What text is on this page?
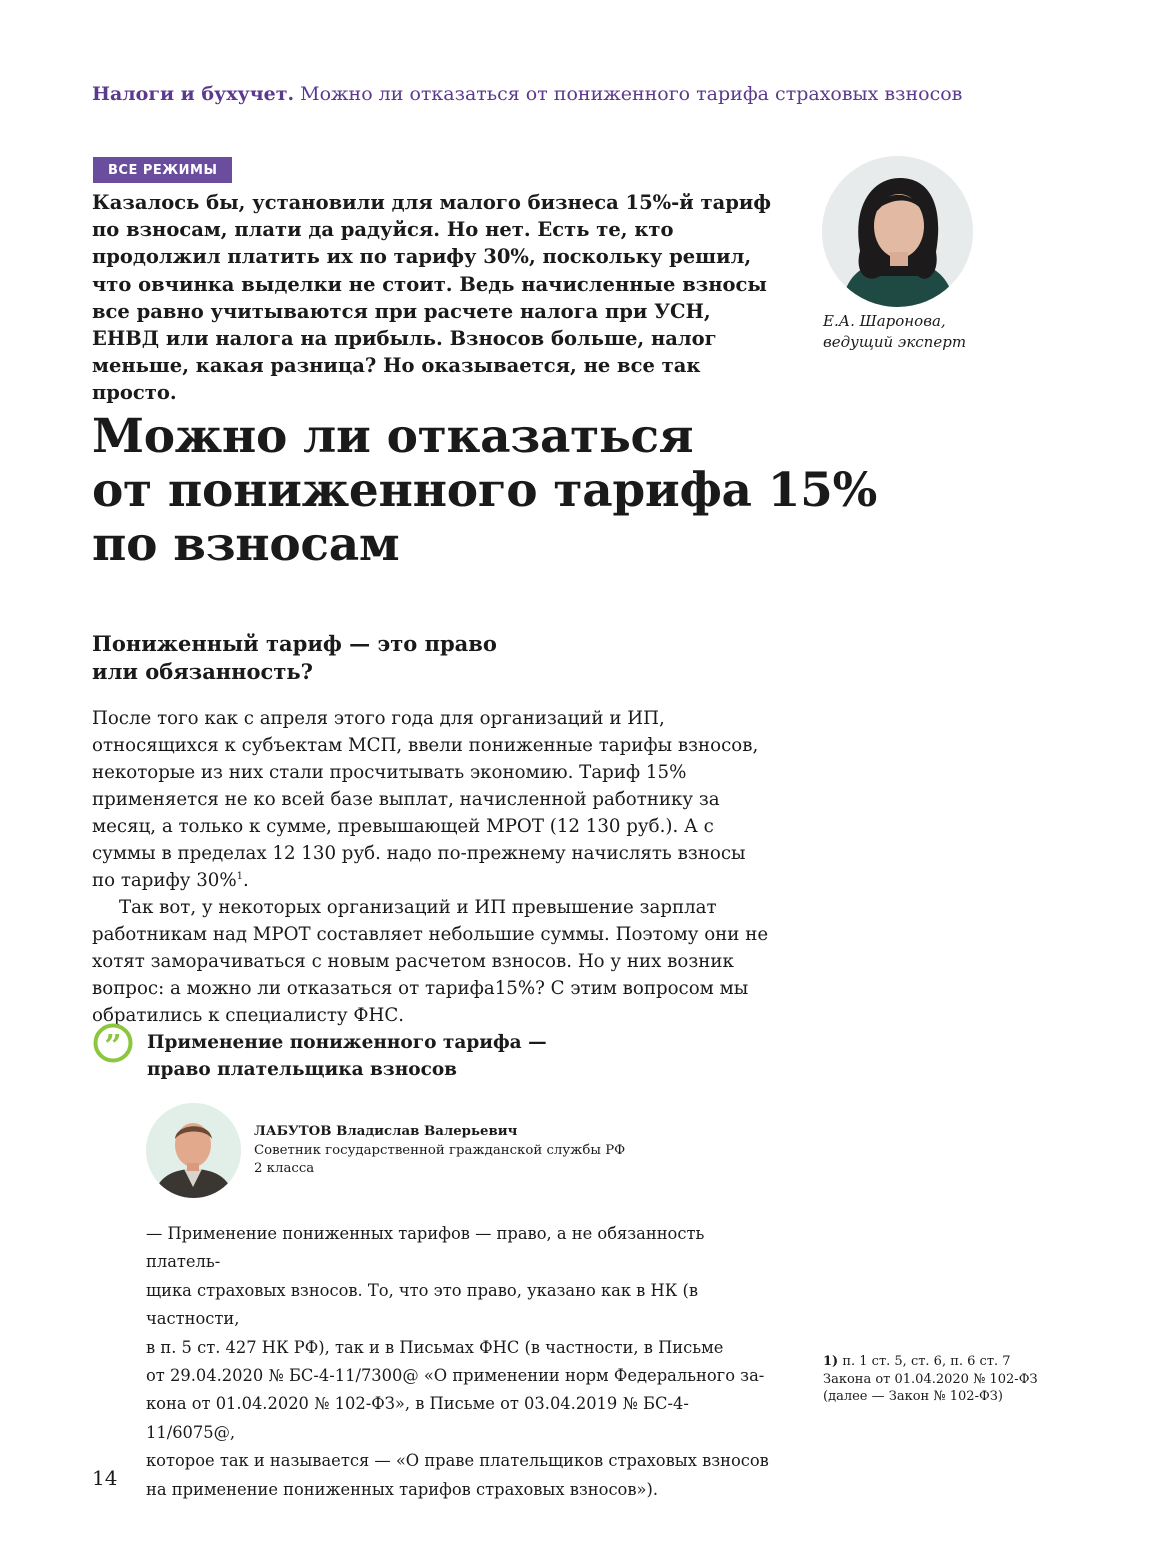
Налоги и бухучет. Можно ли отказаться от пониженного тарифа страховых взносов
ВСЕ РЕЖИМЫ
Казалось бы, установили для малого бизнеса 15%-й тариф по взносам, плати да радуйся. Но нет. Есть те, кто продолжил платить их по тарифу 30%, поскольку решил, что овчинка выделки не стоит. Ведь начисленные взносы все равно учитываются при расчете налога при УСН, ЕНВД или налога на прибыль. Взносов больше, налог меньше, какая разница? Но оказывается, не все так просто.
Е.А. Шаронова,
ведущий эксперт
Можно ли отказаться
от пониженного тарифа 15%
по взносам
Пониженный тариф — это право
или обязанность?

После того как с апреля этого года для организаций и ИП, относящихся к субъектам МСП, ввели пониженные тарифы взносов, некоторые из них стали просчитывать экономию. Тариф 15% применяется не ко всей базе выплат, начисленной работнику за месяц, а только к сумме, превышающей МРОТ (12 130 руб.). А с суммы в пределах 12 130 руб. надо по-прежнему начислять взносы по тарифу 30%$^1$.

Так вот, у некоторых организаций и ИП превышение зарплат работникам над МРОТ составляет небольшие суммы. Поэтому они не хотят заморачиваться с новым расчетом взносов. Но у них возник вопрос: а можно ли отказаться от тарифа15%? С этим вопросом мы обратились к специалисту ФНС.

” Применение пониженного тарифа —
право плательщика взносов
ЛАБУТОВ Владислав Валерьевич
Советник государственной гражданской службы РФ
2 класса
— Применение пониженных тарифов — право, а не обязанность платель-
щика страховых взносов. То, что это право, указано как в НК (в частности,
в п. 5 ст. 427 НК РФ), так и в Письмах ФНС (в частности, в Письме
от 29.04.2020 № БС-4-11/7300@ «О применении норм Федерального за-
кона от 01.04.2020 № 102-ФЗ», в Письме от 03.04.2019 № БС-4-11/6075@,
которое так и называется — «О праве плательщиков страховых взносов
на применение пониженных тарифов страховых взносов»).
1) п. 1 ст. 5, ст. 6, п. 6 ст. 7
Закона от 01.04.2020 № 102-ФЗ
(далее — Закон № 102-ФЗ)
14
